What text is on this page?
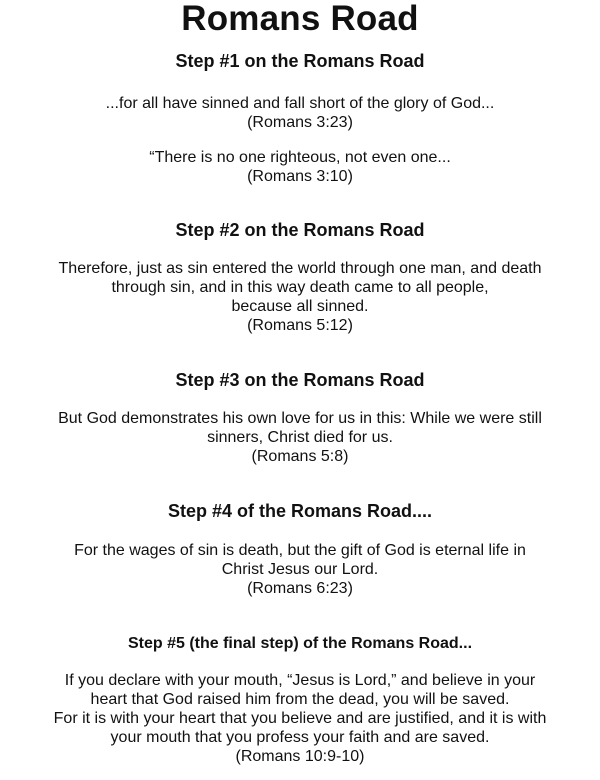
Romans Road
Step #1 on the Romans Road

...for all have sinned and fall short of the glory of God...
(Romans 3:23)

“There is no one righteous, not even one...
(Romans 3:10)

Step #2 on the Romans Road

Therefore, just as sin entered the world through one man, and death
through sin, and in this way death came to all people,
because all sinned.
(Romans 5:12)

Step #3 on the Romans Road

But God demonstrates his own love for us in this: While we were still
sinners, Christ died for us.
(Romans 5:8)

Step #4 of the Romans Road....

For the wages of sin is death, but the gift of God is eternal life in
Christ Jesus our Lord.
(Romans 6:23)

Step #5 (the final step) of the Romans Road...

If you declare with your mouth, “Jesus is Lord,” and believe in your
heart that God raised him from the dead, you will be saved.
For it is with your heart that you believe and are justified, and it is with
your mouth that you profess your faith and are saved.
(Romans 10:9-10)
